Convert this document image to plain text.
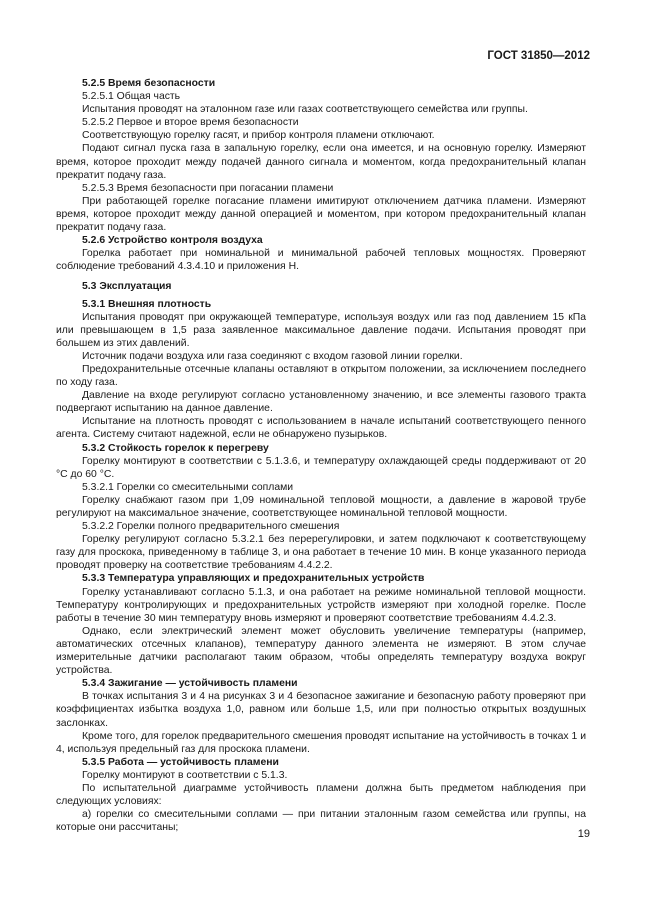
ГОСТ 31850—2012

5.2.5 Время безопасности

5.2.5.1 Общая часть

Испытания проводят на эталонном газе или газах соответствующего семейства или группы.

5.2.5.2 Первое и второе время безопасности

Соответствующую горелку гасят, и прибор контроля пламени отключают.

Подают сигнал пуска газа в запальную горелку, если она имеется, и на основную горелку. Измеряют время, которое проходит между подачей данного сигнала и моментом, когда предохранительный клапан прекратит подачу газа.

5.2.5.3 Время безопасности при погасании пламени

При работающей горелке погасание пламени имитируют отключением датчика пламени. Измеряют время, которое проходит между данной операцией и моментом, при котором предохранительный клапан прекратит подачу газа.

5.2.6 Устройство контроля воздуха

Горелка работает при номинальной и минимальной рабочей тепловых мощностях. Проверяют соблюдение требований 4.3.4.10 и приложения Н.

5.3 Эксплуатация

5.3.1 Внешняя плотность

Испытания проводят при окружающей температуре, используя воздух или газ под давлением 15 кПа или превышающем в 1,5 раза заявленное максимальное давление подачи. Испытания проводят при большем из этих давлений.

Источник подачи воздуха или газа соединяют с входом газовой линии горелки.

Предохранительные отсечные клапаны оставляют в открытом положении, за исключением последнего по ходу газа.

Давление на входе регулируют согласно установленному значению, и все элементы газового тракта подвергают испытанию на данное давление.

Испытание на плотность проводят с использованием в начале испытаний соответствующего пенного агента. Систему считают надежной, если не обнаружено пузырьков.

5.3.2 Стойкость горелок к перегреву

Горелку монтируют в соответствии с 5.1.3.6, и температуру охлаждающей среды поддерживают от 20 °С до 60 °С.

5.3.2.1 Горелки со смесительными соплами

Горелку снабжают газом при 1,09 номинальной тепловой мощности, а давление в жаровой трубе регулируют на максимальное значение, соответствующее номинальной тепловой мощности.

5.3.2.2 Горелки полного предварительного смешения

Горелку регулируют согласно 5.3.2.1 без перерегулировки, и затем подключают к соответствующему газу для проскока, приведенному в таблице 3, и она работает в течение 10 мин. В конце указанного периода проводят проверку на соответствие требованиям 4.4.2.2.

5.3.3 Температура управляющих и предохранительных устройств

Горелку устанавливают согласно 5.1.3, и она работает на режиме номинальной тепловой мощности. Температуру контролирующих и предохранительных устройств измеряют при холодной горелке. После работы в течение 30 мин температуру вновь измеряют и проверяют соответствие требованиям 4.4.2.3.

Однако, если электрический элемент может обусловить увеличение температуры (например, автоматических отсечных клапанов), температуру данного элемента не измеряют. В этом случае измерительные датчики располагают таким образом, чтобы определять температуру воздуха вокруг устройства.

5.3.4 Зажигание — устойчивость пламени

В точках испытания 3 и 4 на рисунках 3 и 4 безопасное зажигание и безопасную работу проверяют при коэффициентах избытка воздуха 1,0, равном или больше 1,5, или при полностью открытых воздушных заслонках.

Кроме того, для горелок предварительного смешения проводят испытание на устойчивость в точках 1 и 4, используя предельный газ для проскока пламени.

5.3.5 Работа — устойчивость пламени

Горелку монтируют в соответствии с 5.1.3.

По испытательной диаграмме устойчивость пламени должна быть предметом наблюдения при следующих условиях:

а) горелки со смесительными соплами — при питании эталонным газом семейства или группы, на которые они рассчитаны;

19
